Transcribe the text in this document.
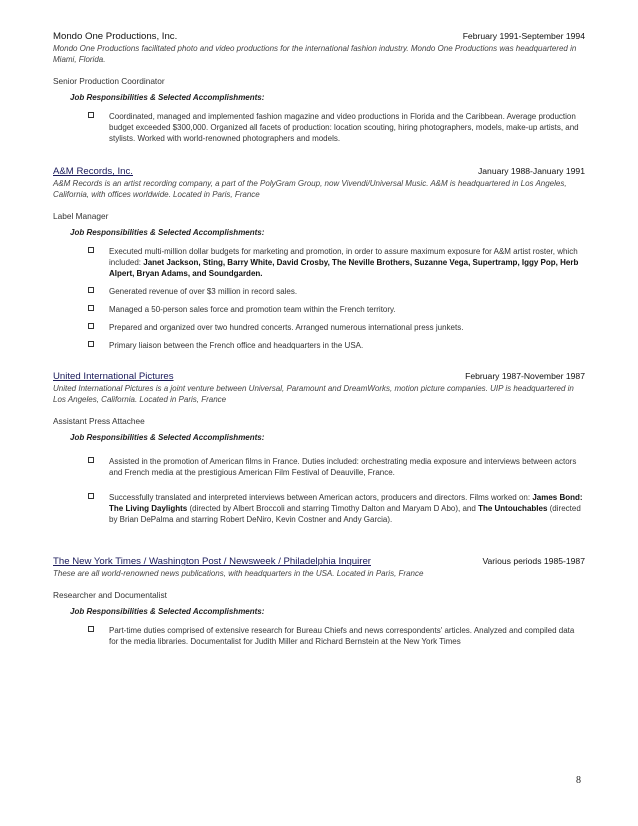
Mondo One Productions, Inc.	February 1991-September 1994
Mondo One Productions facilitated photo and video productions for the international fashion industry. Mondo One Productions was headquartered in Miami, Florida.
Senior Production Coordinator
Job Responsibilities & Selected Accomplishments:
Coordinated, managed and implemented fashion magazine and video productions in Florida and the Caribbean. Average production budget exceeded $300,000. Organized all facets of production: location scouting, hiring photographers, models, make-up artists, and stylists. Worked with world-renowned photographers and models.
A&M Records, Inc.	January 1988-January 1991
A&M Records is an artist recording company, a part of the PolyGram Group, now Vivendi/Universal Music. A&M is headquartered in Los Angeles, California, with offices worldwide. Located in Paris, France
Label Manager
Job Responsibilities & Selected Accomplishments:
Executed multi-million dollar budgets for marketing and promotion, in order to assure maximum exposure for A&M artist roster, which included: Janet Jackson, Sting, Barry White, David Crosby, The Neville Brothers, Suzanne Vega, Supertramp, Iggy Pop, Herb Alpert, Bryan Adams, and Soundgarden.
Generated revenue of over $3 million in record sales.
Managed a 50-person sales force and promotion team within the French territory.
Prepared and organized over two hundred concerts. Arranged numerous international press junkets.
Primary liaison between the French office and headquarters in the USA.
United International Pictures	February 1987-November 1987
United International Pictures is a joint venture between Universal, Paramount and DreamWorks, motion picture companies. UIP is headquartered in Los Angeles, California. Located in Paris, France
Assistant Press Attachee
Job Responsibilities & Selected Accomplishments:
Assisted in the promotion of American films in France. Duties included: orchestrating media exposure and interviews between actors and French media at the prestigious American Film Festival of Deauville, France.
Successfully translated and interpreted interviews between American actors, producers and directors. Films worked on: James Bond: The Living Daylights (directed by Albert Broccoli and starring Timothy Dalton and Maryam D Abo), and The Untouchables (directed by Brian DePalma and starring Robert DeNiro, Kevin Costner and Andy Garcia).
The New York Times / Washington Post / Newsweek / Philadelphia Inquirer	Various periods 1985-1987
These are all world-renowned news publications, with headquarters in the USA. Located in Paris, France
Researcher and Documentalist
Job Responsibilities & Selected Accomplishments:
Part-time duties comprised of extensive research for Bureau Chiefs and news correspondents' articles. Analyzed and compiled data for the media libraries. Documentalist for Judith Miller and Richard Bernstein at the New York Times
8
